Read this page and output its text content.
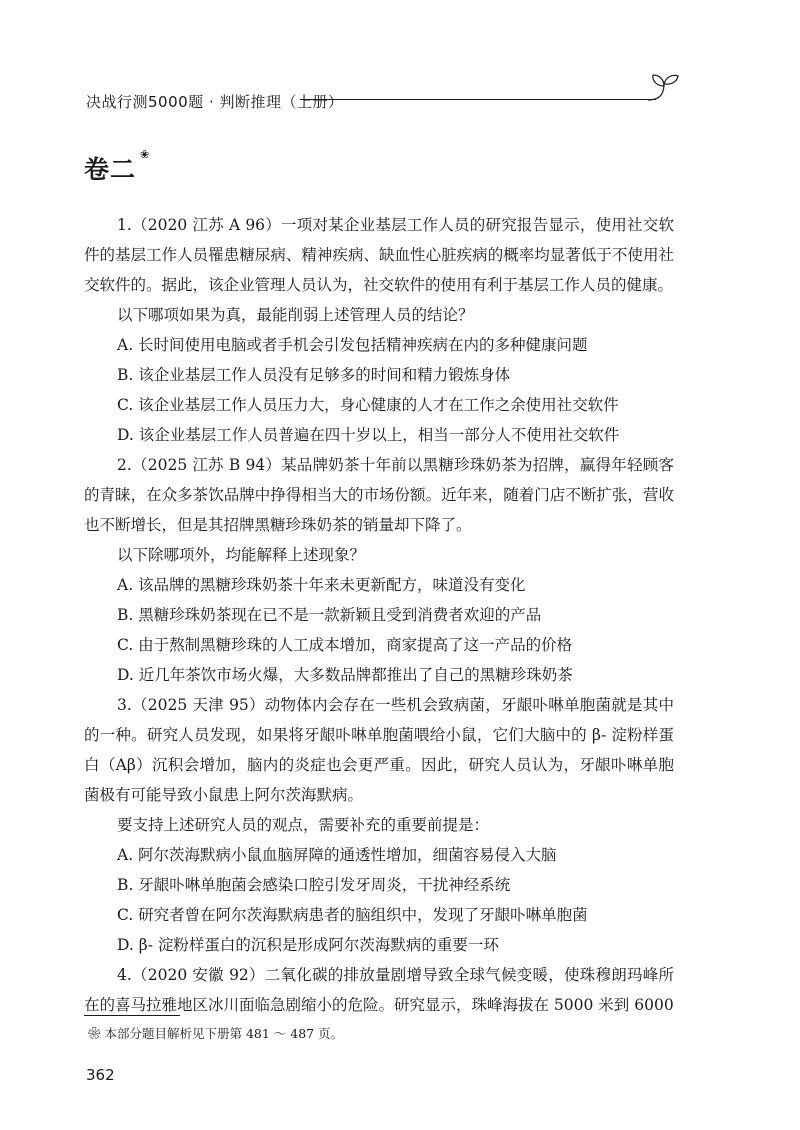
决战行测5000题 · 判断推理（上册）
卷二
❀

1.（2020 江苏 A 96）一项对某企业基层工作人员的研究报告显示，使用社交软件的基层工作人员罹患糖尿病、精神疾病、缺血性心脏疾病的概率均显著低于不使用社交软件的。据此，该企业管理人员认为，社交软件的使用有利于基层工作人员的健康。

以下哪项如果为真，最能削弱上述管理人员的结论？

A. 长时间使用电脑或者手机会引发包括精神疾病在内的多种健康问题

B. 该企业基层工作人员没有足够多的时间和精力锻炼身体

C. 该企业基层工作人员压力大，身心健康的人才在工作之余使用社交软件

D. 该企业基层工作人员普遍在四十岁以上，相当一部分人不使用社交软件

2.（2025 江苏 B 94）某品牌奶茶十年前以黑糖珍珠奶茶为招牌，赢得年轻顾客的青睐，在众多茶饮品牌中挣得相当大的市场份额。近年来，随着门店不断扩张，营收也不断增长，但是其招牌黑糖珍珠奶茶的销量却下降了。

以下除哪项外，均能解释上述现象？

A. 该品牌的黑糖珍珠奶茶十年来未更新配方，味道没有变化

B. 黑糖珍珠奶茶现在已不是一款新颖且受到消费者欢迎的产品

C. 由于熬制黑糖珍珠的人工成本增加，商家提高了这一产品的价格

D. 近几年茶饮市场火爆，大多数品牌都推出了自己的黑糖珍珠奶茶

3.（2025 天津 95）动物体内会存在一些机会致病菌，牙龈卟啉单胞菌就是其中的一种。研究人员发现，如果将牙龈卟啉单胞菌喂给小鼠，它们大脑中的 β- 淀粉样蛋白（Aβ）沉积会增加，脑内的炎症也会更严重。因此，研究人员认为，牙龈卟啉单胞菌极有可能导致小鼠患上阿尔茨海默病。

要支持上述研究人员的观点，需要补充的重要前提是：

A. 阿尔茨海默病小鼠血脑屏障的通透性增加，细菌容易侵入大脑

B. 牙龈卟啉单胞菌会感染口腔引发牙周炎，干扰神经系统

C. 研究者曾在阿尔茨海默病患者的脑组织中，发现了牙龈卟啉单胞菌

D. β- 淀粉样蛋白的沉积是形成阿尔茨海默病的重要一环

4.（2020 安徽 92）二氧化碳的排放量剧增导致全球气候变暖，使珠穆朗玛峰所在的喜马拉雅地区冰川面临急剧缩小的危险。研究显示，珠峰海拔在 5000 米到 6000

❀ 本部分题目解析见下册第 481 ～ 487 页。
362
